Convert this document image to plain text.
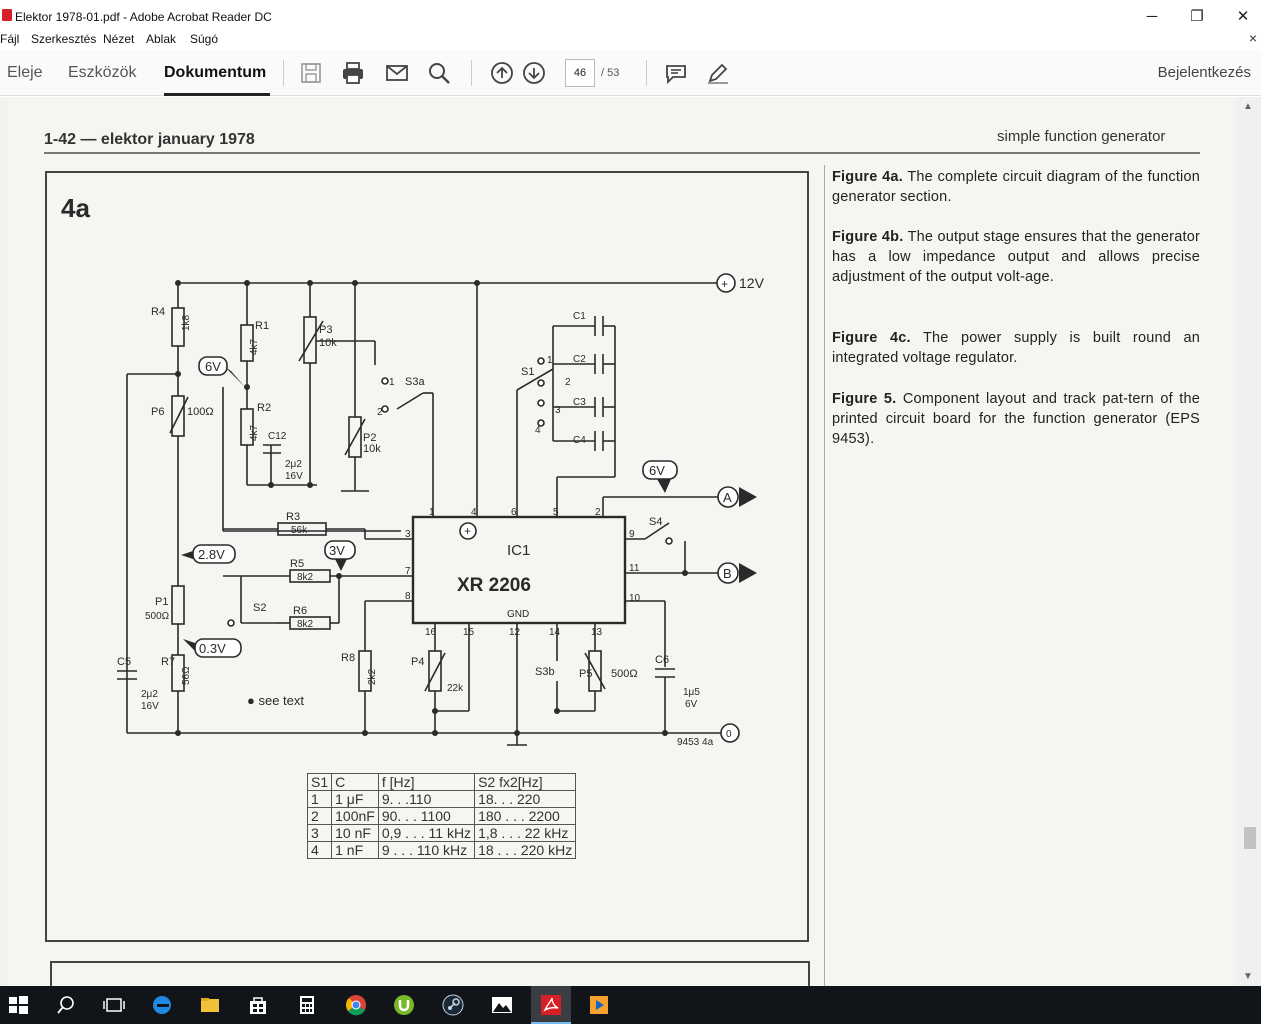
Elektor 1978-01.pdf - Adobe Acrobat Reader DC	─	❐	✕
Fájl Szerkesztés Nézet Ablak Súgó	×
Eleje Eszközök Dokumentum	46	/ 53	Bejelentkezés
1-42 — elektor january 1978	simple function generator
4a
12V
+
+
IC1
XR 2206
GND
● see text
9453 4a
6V
6V
2.8V	3V
0.3V
A
B
0
R4
1k8	R1
4k7
P3
10k
P6 100Ω	R2
4k7 C12
2μ2
16V
P2
10k
S3a
S1
C1
C2
C3
C4
R3
56k
R5
8k2
R6
8k2
S2
P1
500Ω
R7
56Ω
C5
2μ2
16V
R8
2k2
P4
22k
S3b P5 500Ω
C6
1μ5
6V
S4
1	4	6	5	2
3
7
8
16	15	12	14	13
9
11
10
1
2
3
4
1
2
S1	C	f [Hz]	S2 fx2[Hz]
1	1 μF	9. . .110	18. . . 220
2	100nF	90. . . 1100	180 . . . 2200
3	10 nF	0,9 . . . 11 kHz	1,8 . . . 22 kHz
4	1 nF	9 . . . 110 kHz	18 . . . 220 kHz
Figure 4a. The complete circuit diagram of the function generator section.
Figure 4b. The output stage ensures that the generator has a low impedance output and allows precise adjustment of the output volt-age.
Figure 4c. The power supply is built round an integrated voltage regulator.
Figure 5. Component layout and track pat-tern of the printed circuit board for the function generator (EPS 9453).
▲
▼
